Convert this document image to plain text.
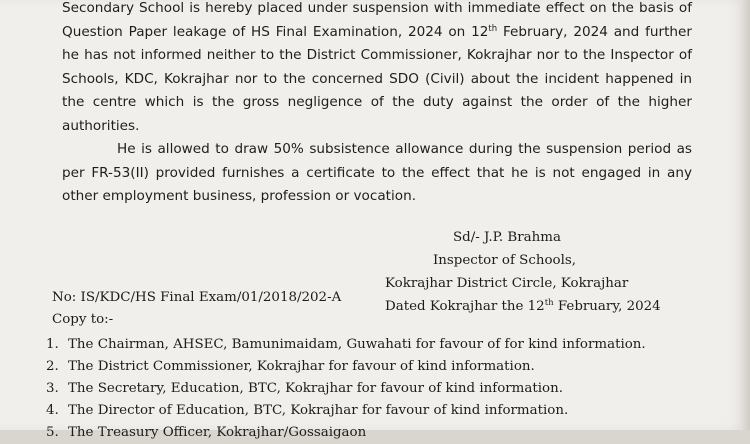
Secondary School is hereby placed under suspension with immediate effect on the basis of Question Paper leakage of HS Final Examination, 2024 on 12th February, 2024 and further he has not informed neither to the District Commissioner, Kokrajhar nor to the Inspector of Schools, KDC, Kokrajhar nor to the concerned SDO (Civil) about the incident happened in the centre which is the gross negligence of the duty against the order of the higher authorities.

He is allowed to draw 50% subsistence allowance during the suspension period as per FR-53(II) provided furnishes a certificate to the effect that he is not engaged in any other employment business, profession or vocation.

Sd/- J.P. Brahma
Inspector of Schools,
Kokrajhar District Circle, Kokrajhar
Dated Kokrajhar the 12th February, 2024
No: IS/KDC/HS Final Exam/01/2018/202-A
Copy to:-
1. The Chairman, AHSEC, Bamunimaidam, Guwahati for favour of for kind information.
2. The District Commissioner, Kokrajhar for favour of kind information.
3. The Secretary, Education, BTC, Kokrajhar for favour of kind information.
4. The Director of Education, BTC, Kokrajhar for favour of kind information.
5. The Treasury Officer, Kokrajhar/Gossaigaon
